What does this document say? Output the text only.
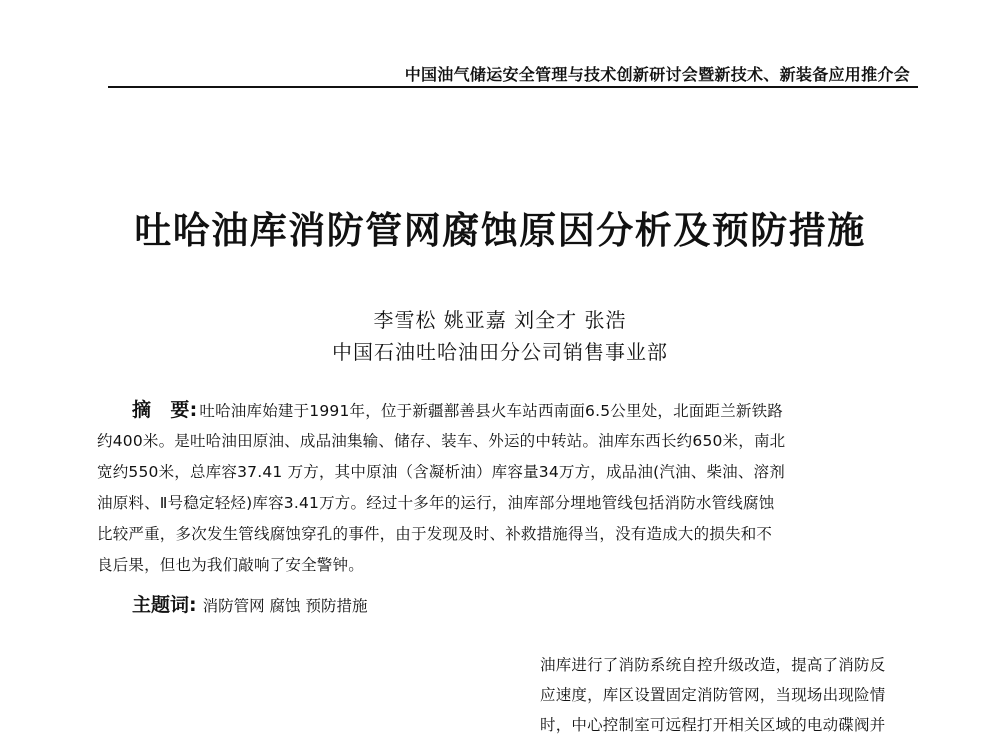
中国油气储运安全管理与技术创新研讨会暨新技术、新装备应用推介会
吐哈油库消防管网腐蚀原因分析及预防措施
李雪松 姚亚嘉 刘全才 张浩
中国石油吐哈油田分公司销售事业部
摘　要: 吐哈油库始建于1991年，位于新疆鄯善县火车站西南面6.5公里处，北面距兰新铁路
约400米。是吐哈油田原油、成品油集输、储存、装车、外运的中转站。油库东西长约650米，南北
宽约550米，总库容37.41 万方，其中原油（含凝析油）库容量34万方，成品油(汽油、柴油、溶剂
油原料、Ⅱ号稳定轻烃)库容3.41万方。经过十多年的运行，油库部分埋地管线包括消防水管线腐蚀
比较严重，多次发生管线腐蚀穿孔的事件，由于发现及时、补救措施得当，没有造成大的损失和不
良后果，但也为我们敲响了安全警钟。
主题词: 消防管网 腐蚀 预防措施
油库进行了消防系统自控升级改造，提高了消防反
应速度，库区设置固定消防管网，当现场出现险情
时，中心控制室可远程打开相关区域的电动碟阀并
